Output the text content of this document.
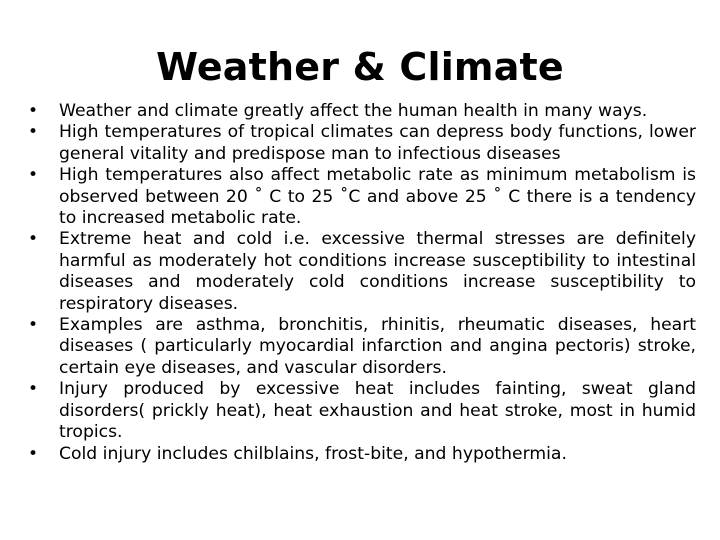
Weather & Climate
• Weather and climate greatly affect the human health in many ways.
• High temperatures of tropical climates can depress body functions, lower general vitality and predispose man to infectious diseases
• High temperatures also affect metabolic rate as minimum metabolism is observed between 20 ˚ C to 25 ˚C and above 25 ˚ C there is a tendency to increased metabolic rate.
• Extreme heat and cold i.e. excessive thermal stresses are definitely harmful as moderately hot conditions increase susceptibility to intestinal diseases and moderately cold conditions increase susceptibility to respiratory diseases.
• Examples are asthma, bronchitis, rhinitis, rheumatic diseases, heart diseases ( particularly myocardial infarction and angina pectoris) stroke, certain eye diseases, and vascular disorders.
• Injury produced by excessive heat includes fainting, sweat gland disorders( prickly heat), heat exhaustion and heat stroke, most in humid tropics.
• Cold injury includes chilblains, frost-bite, and hypothermia.
